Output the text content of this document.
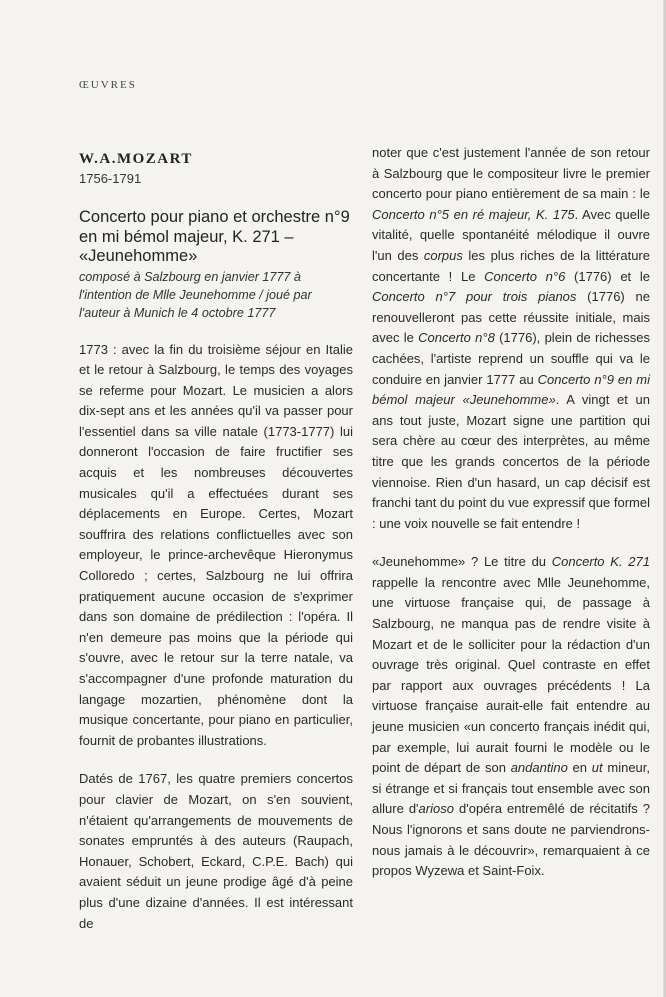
ŒUVRES
W.A.MOZART
1756-1791
Concerto pour piano et orchestre n°9 en mi bémol majeur, K. 271 – «Jeunehomme»
composé à Salzbourg en janvier 1777 à l'intention de Mlle Jeunehomme / joué par l'auteur à Munich le 4 octobre 1777

1773 : avec la fin du troisième séjour en Italie et le retour à Salzbourg, le temps des voyages se referme pour Mozart. Le musicien a alors dix-sept ans et les années qu'il va passer pour l'essentiel dans sa ville natale (1773-1777) lui donneront l'occasion de faire fructifier ses acquis et les nombreuses découvertes musicales qu'il a effectuées durant ses déplacements en Europe. Certes, Mozart souffrira des relations conflictuelles avec son employeur, le prince-archevêque Hieronymus Colloredo ; certes, Salzbourg ne lui offrira pratiquement aucune occasion de s'exprimer dans son domaine de prédilection : l'opéra. Il n'en demeure pas moins que la période qui s'ouvre, avec le retour sur la terre natale, va s'accompagner d'une profonde maturation du langage mozartien, phénomène dont la musique concertante, pour piano en particulier, fournit de probantes illustrations.

Datés de 1767, les quatre premiers concertos pour clavier de Mozart, on s'en souvient, n'étaient qu'arrangements de mouvements de sonates empruntés à des auteurs (Raupach, Honauer, Schobert, Eckard, C.P.E. Bach) qui avaient séduit un jeune prodige âgé d'à peine plus d'une dizaine d'années. Il est intéressant de

noter que c'est justement l'année de son retour à Salzbourg que le compositeur livre le premier concerto pour piano entièrement de sa main : le Concerto n°5 en ré majeur, K. 175. Avec quelle vitalité, quelle spontanéité mélodique il ouvre l'un des corpus les plus riches de la littérature concertante ! Le Concerto n°6 (1776) et le Concerto n°7 pour trois pianos (1776) ne renouvelleront pas cette réussite initiale, mais avec le Concerto n°8 (1776), plein de richesses cachées, l'artiste reprend un souffle qui va le conduire en janvier 1777 au Concerto n°9 en mi bémol majeur «Jeunehomme». A vingt et un ans tout juste, Mozart signe une partition qui sera chère au cœur des interprètes, au même titre que les grands concertos de la période viennoise. Rien d'un hasard, un cap décisif est franchi tant du point du vue expressif que formel : une voix nouvelle se fait entendre !

«Jeunehomme» ? Le titre du Concerto K. 271 rappelle la rencontre avec Mlle Jeunehomme, une virtuose française qui, de passage à Salzbourg, ne manqua pas de rendre visite à Mozart et de le solliciter pour la rédaction d'un ouvrage très original. Quel contraste en effet par rapport aux ouvrages précédents ! La virtuose française aurait-elle fait entendre au jeune musicien «un concerto français inédit qui, par exemple, lui aurait fourni le modèle ou le point de départ de son andantino en ut mineur, si étrange et si français tout ensemble avec son allure d'arioso d'opéra entremêlé de récitatifs ? Nous l'ignorons et sans doute ne parviendrons-nous jamais à le découvrir», remarquaient à ce propos Wyzewa et Saint-Foix.
